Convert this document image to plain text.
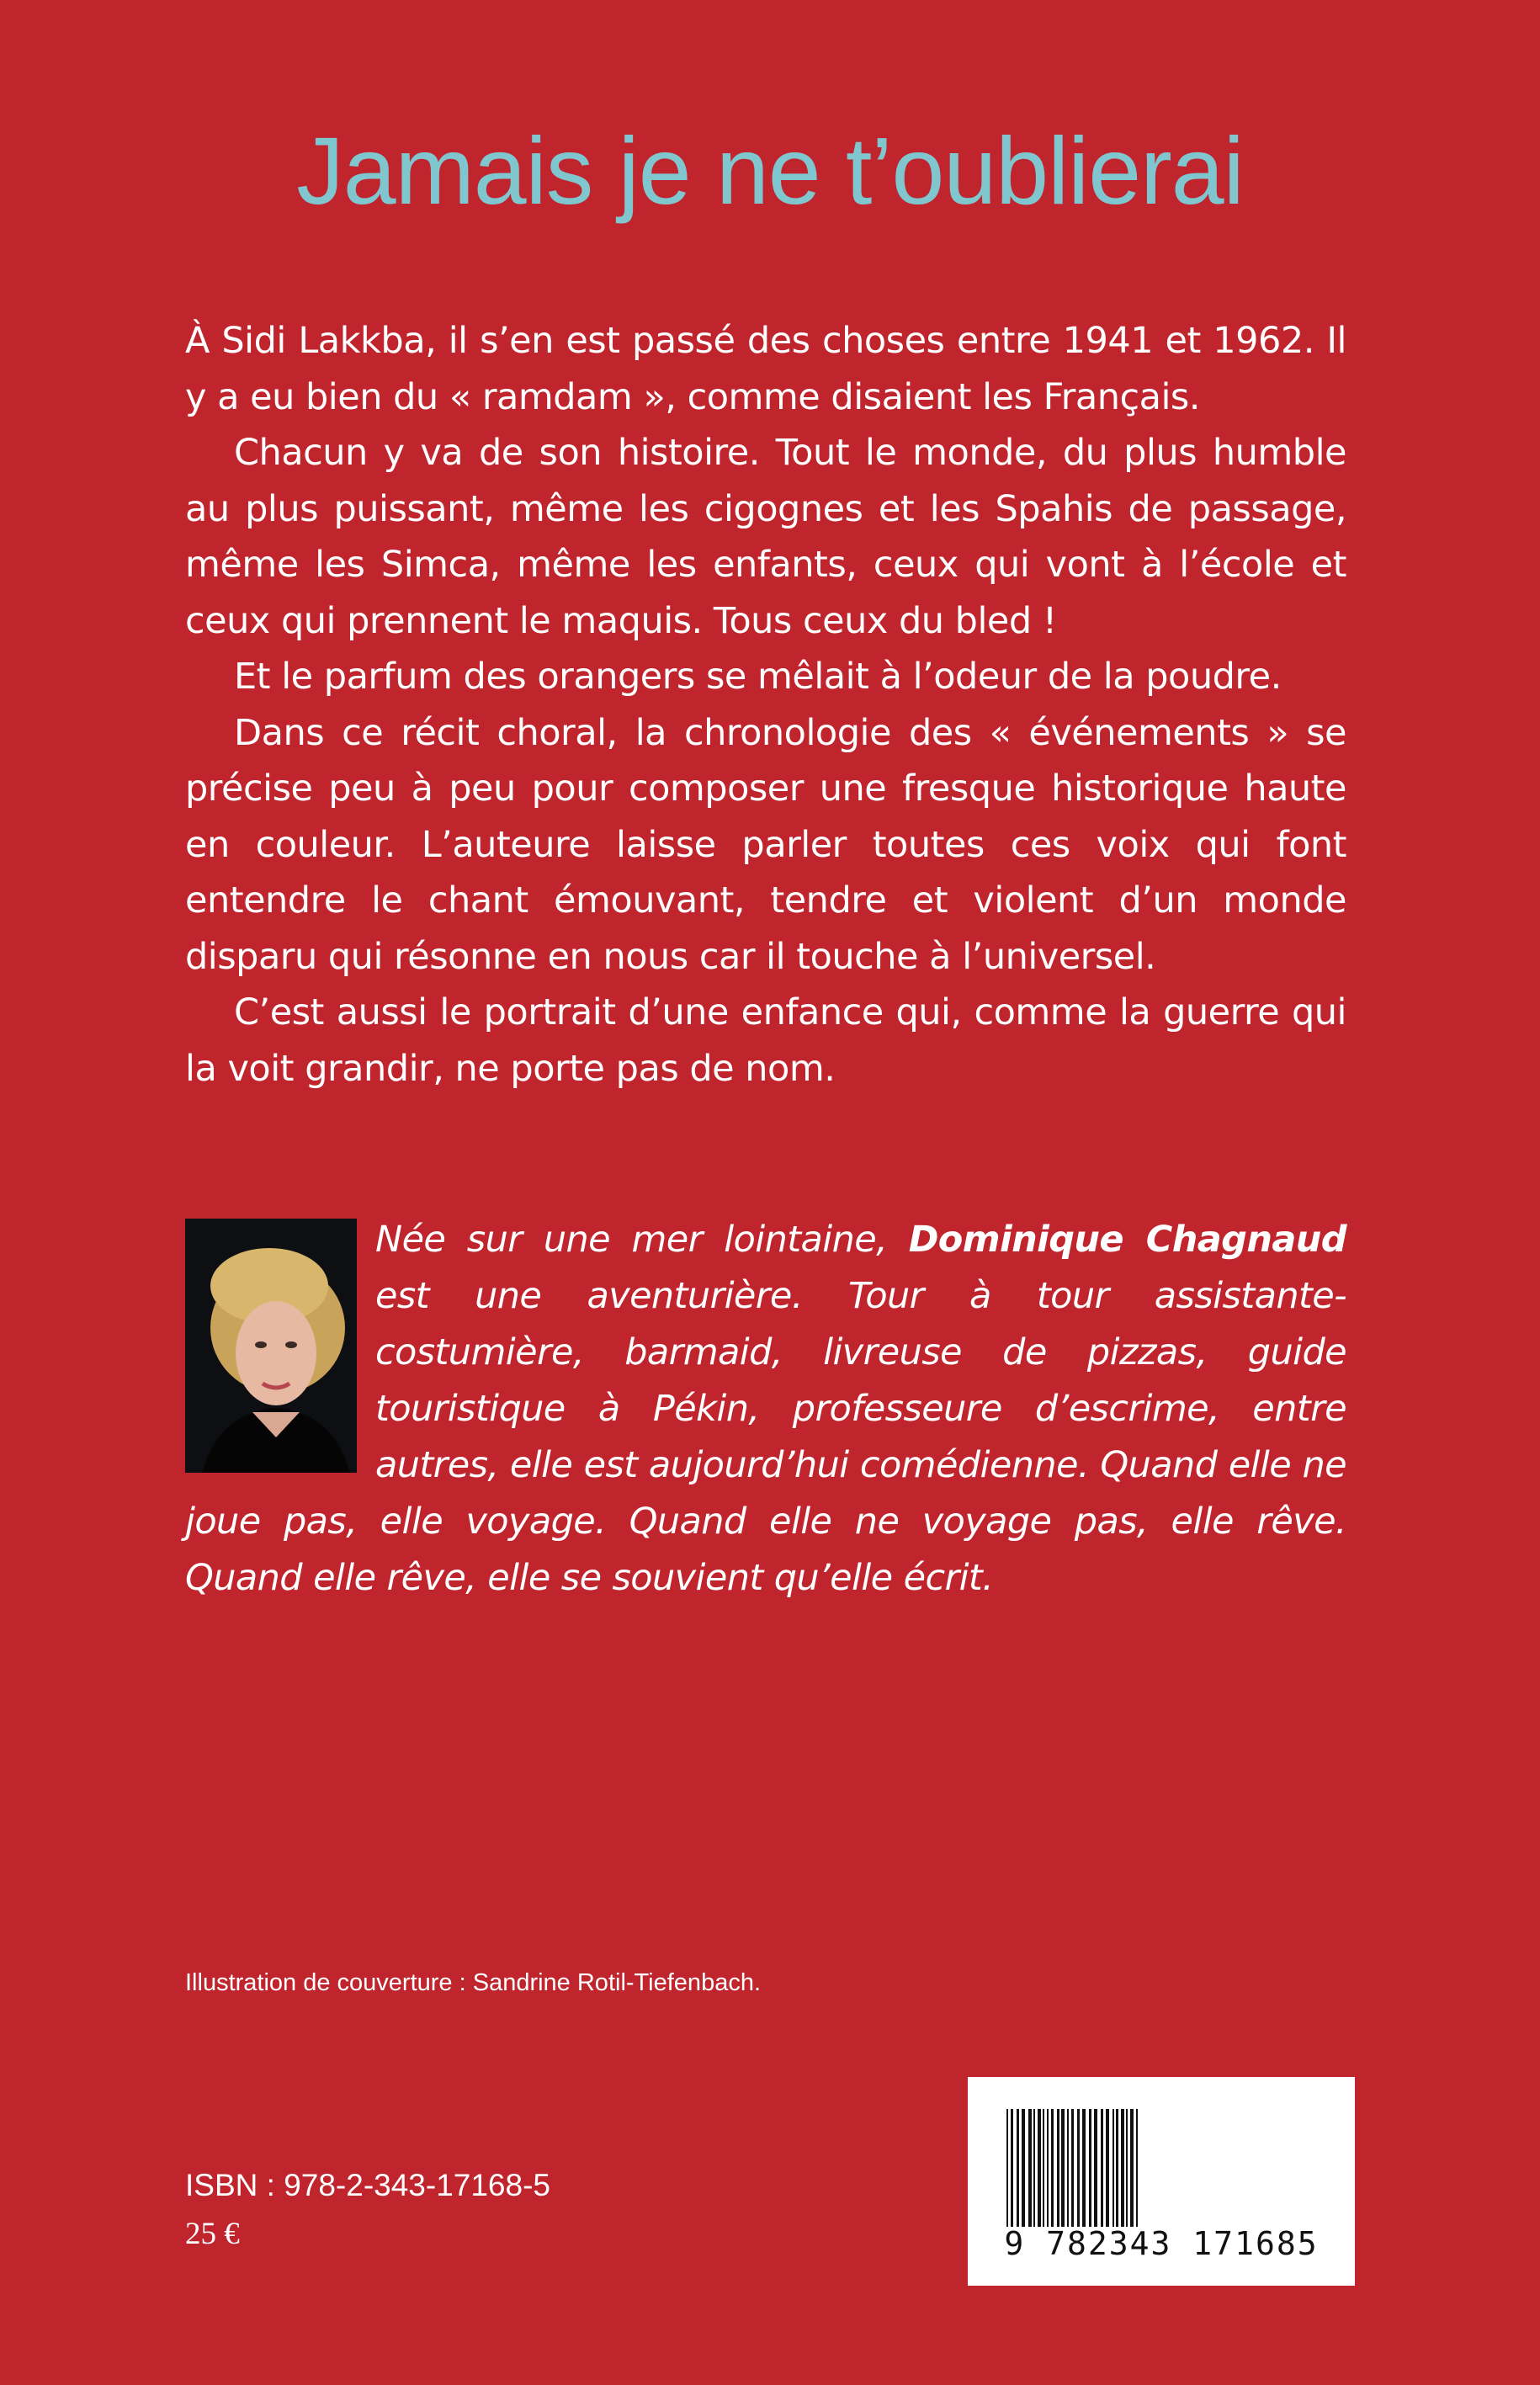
Jamais je ne t’oublierai

À Sidi Lakkba, il s’en est passé des choses entre 1941 et 1962. Il y a eu bien du « ramdam », comme disaient les Français.

Chacun y va de son histoire. Tout le monde, du plus humble au plus puissant, même les cigognes et les Spahis de passage, même les Simca, même les enfants, ceux qui vont à l’école et ceux qui prennent le maquis. Tous ceux du bled !

Et le parfum des orangers se mêlait à l’odeur de la poudre.

Dans ce récit choral, la chronologie des « événements » se précise peu à peu pour composer une fresque historique haute en couleur. L’auteure laisse parler toutes ces voix qui font entendre le chant émouvant, tendre et violent d’un monde disparu qui résonne en nous car il touche à l’universel.

C’est aussi le portrait d’une enfance qui, comme la guerre qui la voit grandir, ne porte pas de nom.

Née sur une mer lointaine, Dominique Chagnaud est une aventurière. Tour à tour assistante-costumière, barmaid, livreuse de pizzas, guide touristique à Pékin, professeure d’escrime, entre autres, elle est aujourd’hui comédienne. Quand elle ne joue pas, elle voyage. Quand elle ne voyage pas, elle rêve. Quand elle rêve, elle se souvient qu’elle écrit.
Illustration de couverture : Sandrine Rotil-Tiefenbach.
ISBN : 978-2-343-17168-5
25 €	9 782343 171685
